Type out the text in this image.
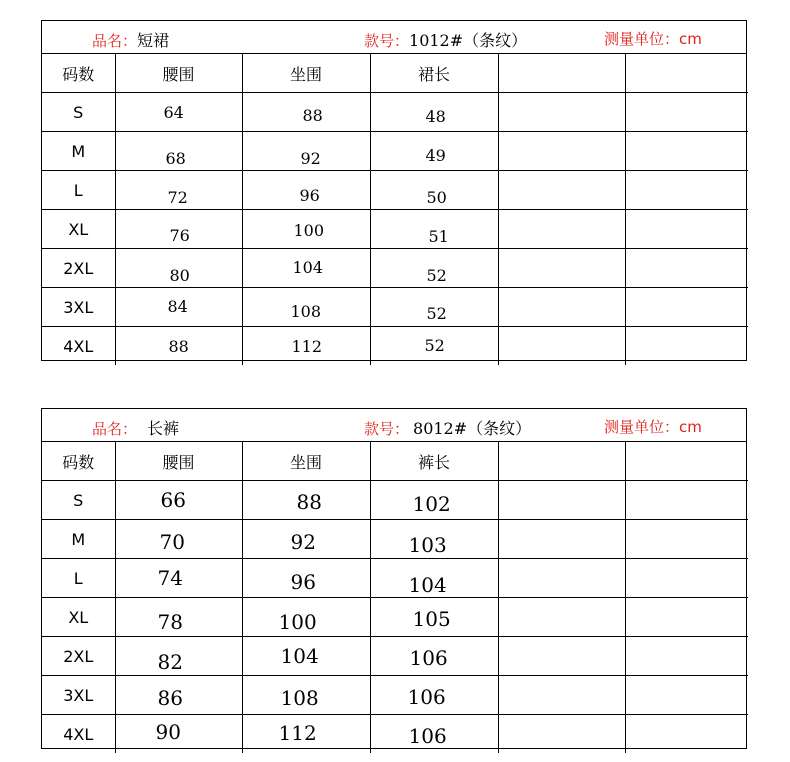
品名：短裙	款号：1012#（条纹）	测量单位：cm
码数	腰围	坐围	裙长		
S	64	88	48		

M	68	92	49		

L	72	96	50		

XL	76	100	51		

2XL	80	104	52		

3XL	84	108	52		

4XL	88	112	52		

品名： 长裤	款号： 8012#（条纹）	测量单位：cm
码数	腰围	坐围	裤长		
S	66	88	102		

M	70	92	103		

L	74	96	104		

XL	78	100	105		

2XL	82	104	106		

3XL	86	108	106		

4XL	90	112	106		
